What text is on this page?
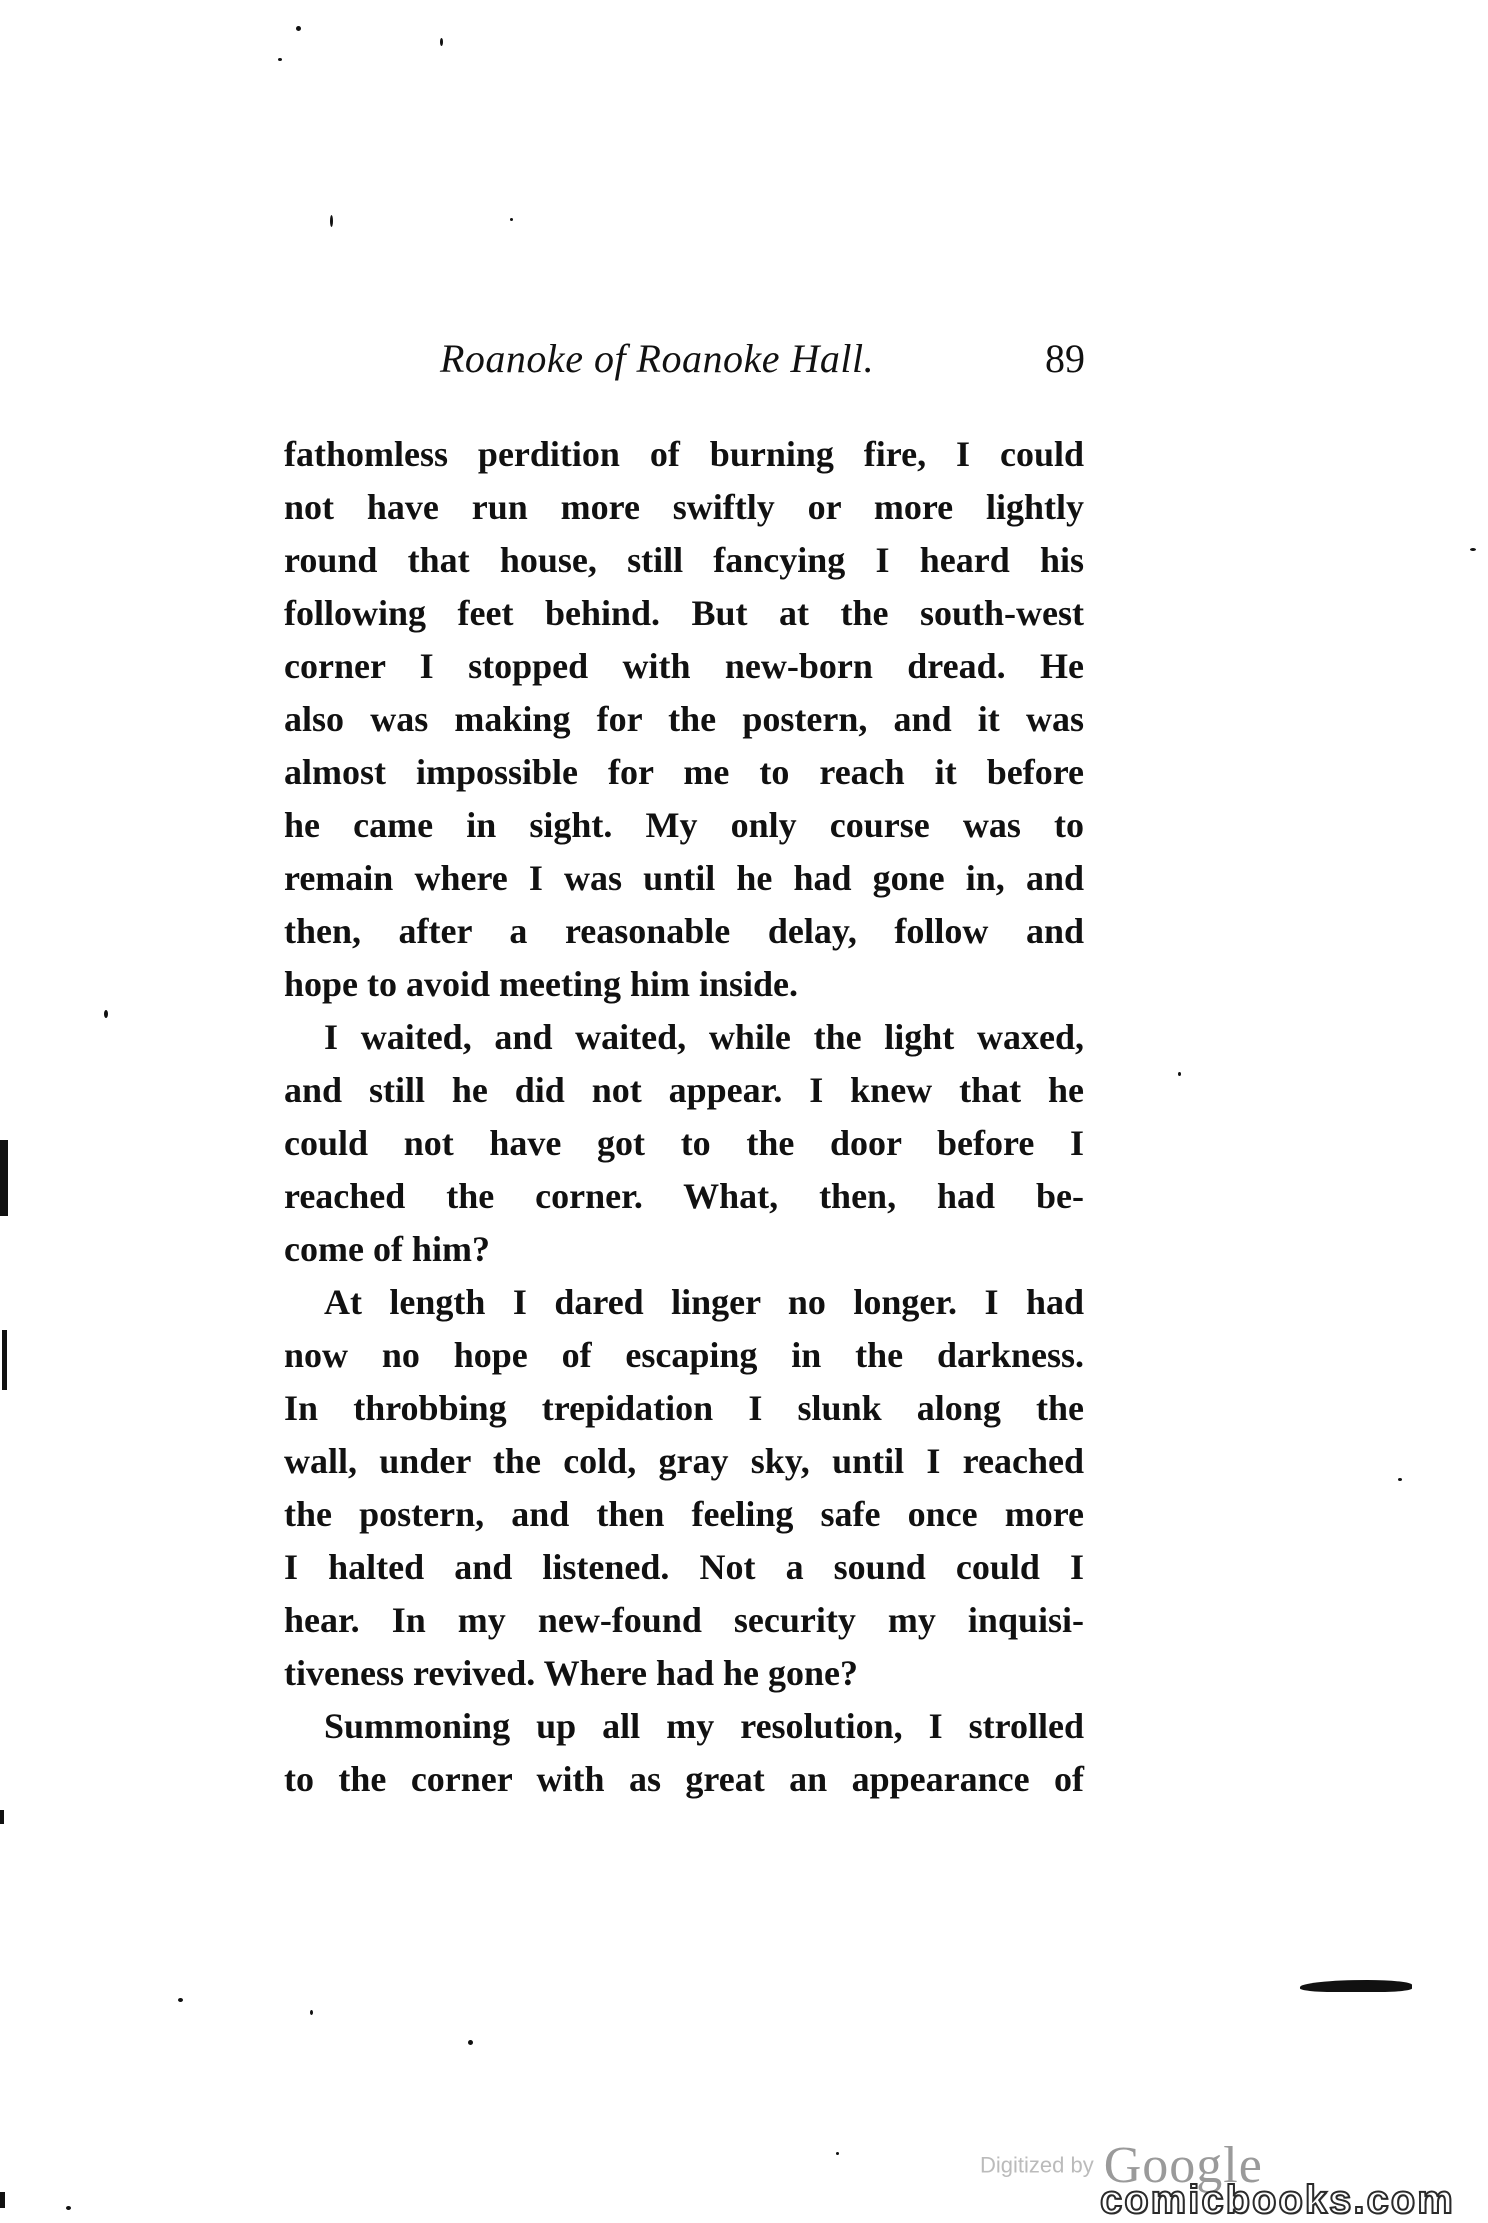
Roanoke of Roanoke Hall.	89
fathomless perdition of burning fire, I could
not have run more swiftly or more lightly
round that house, still fancying I heard his
following feet behind. But at the south-west
corner I stopped with new-born dread. He
also was making for the postern, and it was
almost impossible for me to reach it before
he came in sight. My only course was to
remain where I was until he had gone in, and
then, after a reasonable delay, follow and
hope to avoid meeting him inside.
I waited, and waited, while the light waxed,
and still he did not appear. I knew that he
could not have got to the door before I
reached the corner. What, then, had be-
come of him?
At length I dared linger no longer. I had
now no hope of escaping in the darkness.
In throbbing trepidation I slunk along the
wall, under the cold, gray sky, until I reached
the postern, and then feeling safe once more
I halted and listened. Not a sound could I
hear. In my new-found security my inquisi-
tiveness revived. Where had he gone?
Summoning up all my resolution, I strolled
to the corner with as great an appearance of
Digitized by Google
comicbooks.com
